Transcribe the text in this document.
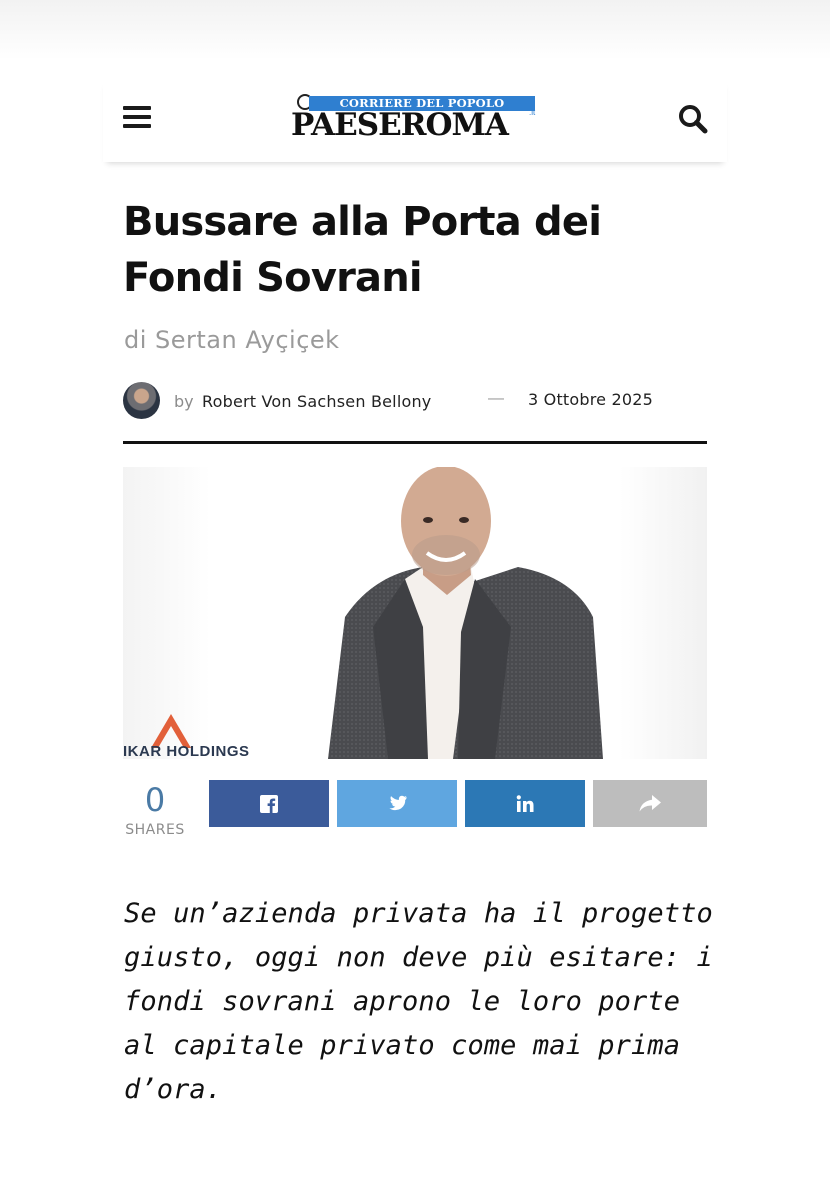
CORRIERE DEL POPOLO
PAESEROMA	.it
Bussare alla Porta dei Fondi Sovrani
di Sertan Ayçiçek
by Robert Von Sachsen Bellony	— 3 Ottobre 2025
IKAR HOLDINGS
0
SHARES

Se un’azienda privata ha il progetto giusto, oggi non deve più esitare: i fondi sovrani aprono le loro porte al capitale privato come mai prima d’ora.
